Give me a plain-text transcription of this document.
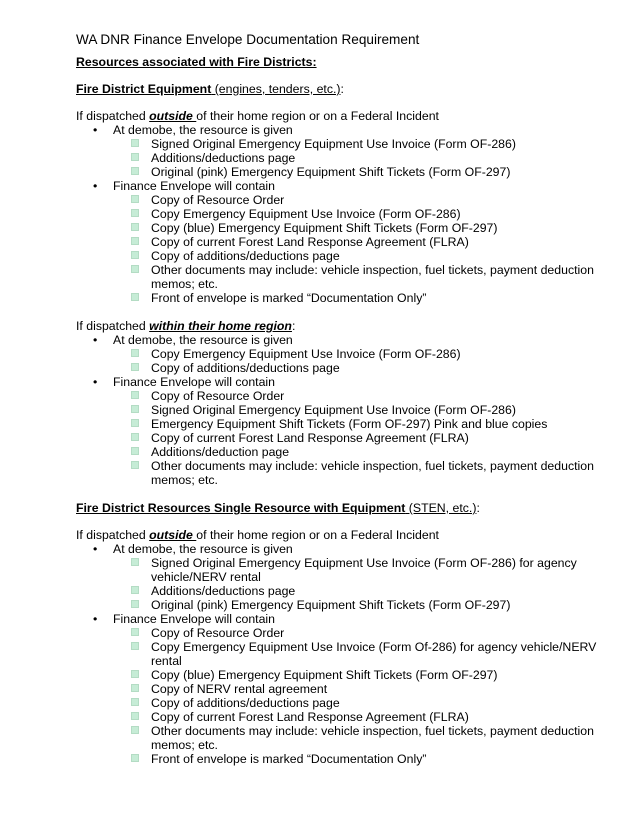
WA DNR Finance Envelope Documentation Requirement
Resources associated with Fire Districts:
Fire District Equipment (engines, tenders, etc.):
If dispatched outside of their home region or on a Federal Incident
• At demobe, the resource is given
Signed Original Emergency Equipment Use Invoice (Form OF-286)
Additions/deductions page
Original (pink) Emergency Equipment Shift Tickets (Form OF-297)
• Finance Envelope will contain
Copy of Resource Order
Copy Emergency Equipment Use Invoice (Form OF-286)
Copy (blue) Emergency Equipment Shift Tickets (Form OF-297)
Copy of current Forest Land Response Agreement (FLRA)
Copy of additions/deductions page
Other documents may include: vehicle inspection, fuel tickets, payment deduction memos; etc.
Front of envelope is marked “Documentation Only”
If dispatched within their home region:
• At demobe, the resource is given
Copy Emergency Equipment Use Invoice (Form OF-286)
Copy of additions/deductions page
• Finance Envelope will contain
Copy of Resource Order
Signed Original Emergency Equipment Use Invoice (Form OF-286)
Emergency Equipment Shift Tickets (Form OF-297) Pink and blue copies
Copy of current Forest Land Response Agreement (FLRA)
Additions/deduction page
Other documents may include: vehicle inspection, fuel tickets, payment deduction memos; etc.
Fire District Resources Single Resource with Equipment (STEN, etc.):
If dispatched outside of their home region or on a Federal Incident
• At demobe, the resource is given
Signed Original Emergency Equipment Use Invoice (Form OF-286) for agency vehicle/NERV rental
Additions/deductions page
Original (pink) Emergency Equipment Shift Tickets (Form OF-297)
• Finance Envelope will contain
Copy of Resource Order
Copy Emergency Equipment Use Invoice (Form Of-286) for agency vehicle/NERV rental
Copy (blue) Emergency Equipment Shift Tickets (Form OF-297)
Copy of NERV rental agreement
Copy of additions/deductions page
Copy of current Forest Land Response Agreement (FLRA)
Other documents may include: vehicle inspection, fuel tickets, payment deduction memos; etc.
Front of envelope is marked “Documentation Only”
